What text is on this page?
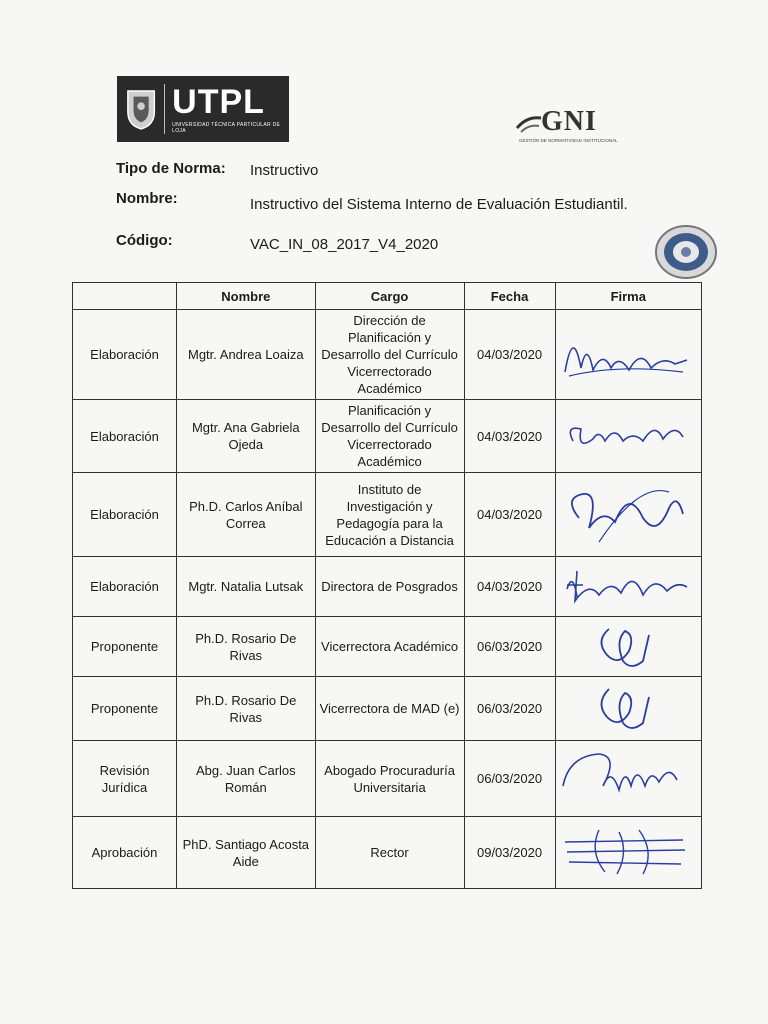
UTPL
UNIVERSIDAD TÉCNICA PARTICULAR DE LOJA	GNI
GESTIÓN DE NORMATIVIDAD INSTITUCIONAL
Tipo de Norma: Instructivo
Nombre:	Instructivo del Sistema Interno de Evaluación Estudiantil.
Código:	VAC_IN_08_2017_V4_2020
	Nombre	Cargo	Fecha	Firma
Elaboración	Mgtr. Andrea Loaiza	Dirección de Planificación y Desarrollo del Currículo Vicerrectorado Académico	04/03/2020	

Elaboración	Mgtr. Ana Gabriela Ojeda	Planificación y Desarrollo del Currículo Vicerrectorado Académico	04/03/2020	

Elaboración	Ph.D. Carlos Aníbal Correa	Instituto de Investigación y Pedagogía para la Educación a Distancia	04/03/2020	

Elaboración	Mgtr. Natalia Lutsak	Directora de Posgrados	04/03/2020	

Proponente	Ph.D. Rosario De Rivas	Vicerrectora Académico	06/03/2020	

Proponente	Ph.D. Rosario De Rivas	Vicerrectora de MAD (e)	06/03/2020	

Revisión Jurídica	Abg. Juan Carlos Román	Abogado Procuraduría Universitaria	06/03/2020	

Aprobación	PhD. Santiago Acosta Aide	Rector	09/03/2020	
